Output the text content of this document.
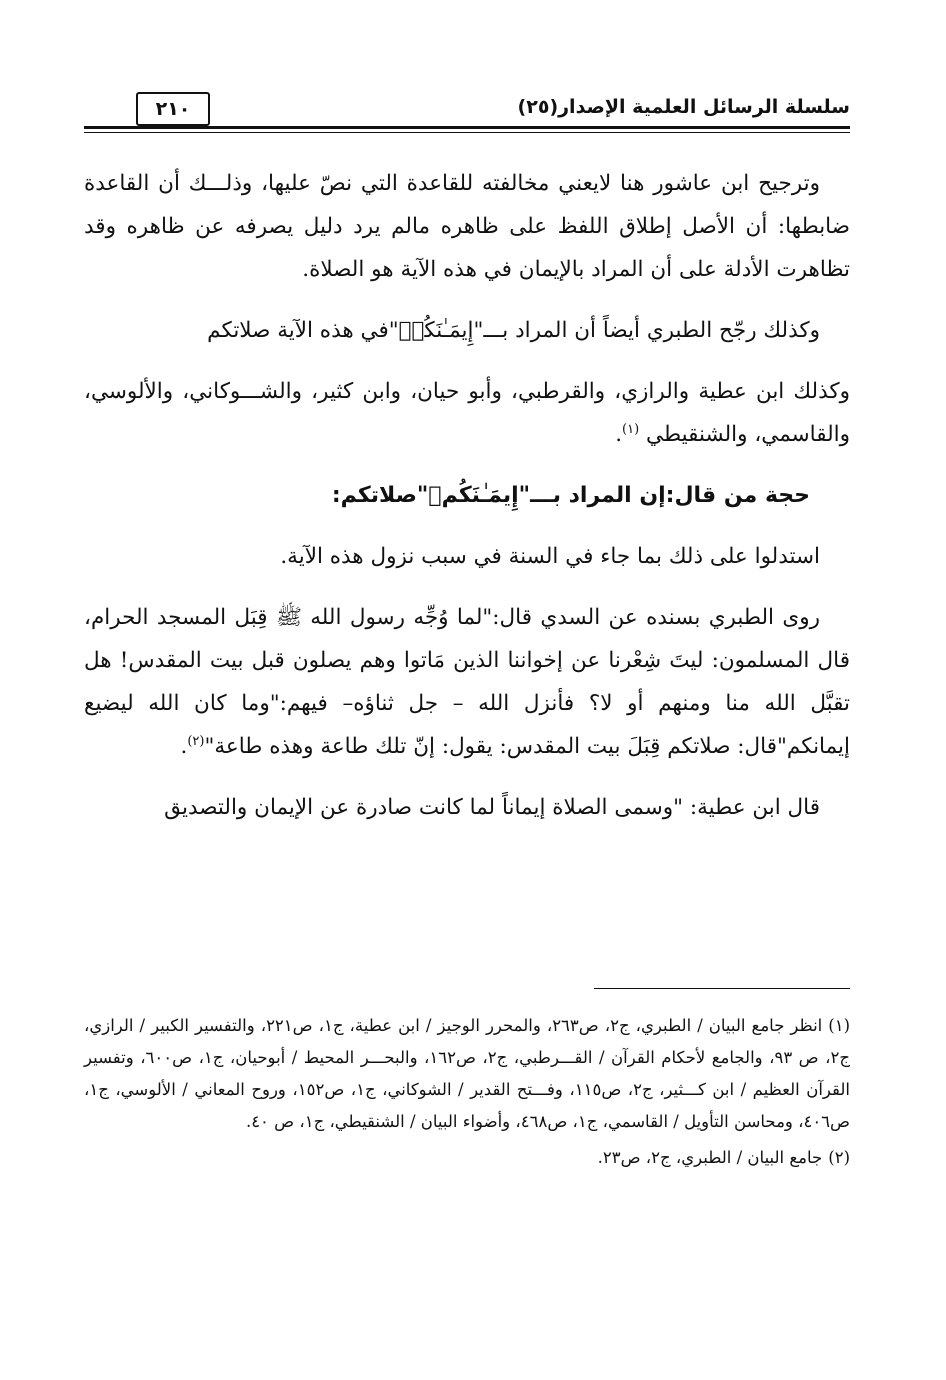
سلسلة الرسائل العلمية الإصدار(٢٥)
٢١٠

وترجيح ابن عاشور هنا لايعني مخالفته للقاعدة التي نصّ عليها، وذلـــك أن القاعدة ضابطها: أن الأصل إطلاق اللفظ على ظاهره مالم يرد دليل يصرفه عن ظاهره وقد تظاهرت الأدلة على أن المراد بالإيمان في هذه الآية هو الصلاة.

وكذلك رجّح الطبري أيضاً أن المراد بـــ"إِيمَـٰنَكُمۡ"في هذه الآية صلاتكم

وكذلك ابن عطية والرازي، والقرطبي، وأبو حيان، وابن كثير، والشـــوكاني، والألوسي، والقاسمي، والشنقيطي $^{(١)}$.

حجة من قال:إن المراد بـــ"إِيمَـٰنَكُمۡ"صلاتكم:

استدلوا على ذلك بما جاء في السنة في سبب نزول هذه الآية.

روى الطبري بسنده عن السدي قال:"لما وُجِّه رسول الله ﷺ قِبَل المسجد الحرام، قال المسلمون: ليتَ شِعْرنا عن إخواننا الذين مَاتوا وهم يصلون قبل بيت المقدس! هل تقبَّل الله منا ومنهم أو لا؟ فأنزل الله – جل ثناؤه– فيهم:"وما كان الله ليضيع إيمانكم"قال: صلاتكم قِبَلَ بيت المقدس: يقول: إنّ تلك طاعة وهذه طاعة"$^{(٢)}$.

قال ابن عطية: "وسمى الصلاة إيماناً لما كانت صادرة عن الإيمان والتصديق

(١)انظر جامع البيان / الطبري، ج٢، ص٢٦٣، والمحرر الوجيز / ابن عطية، ج١، ص٢٢١، والتفسير الكبير / الرازي، ج٢، ص ٩٣، والجامع لأحكام القرآن / القـــرطبي، ج٢، ص١٦٢، والبحـــر المحيط / أبوحيان، ج١، ص٦٠٠، وتفسير القرآن العظيم / ابن كـــثير، ج٢، ص١١٥، وفـــتح القدير / الشوكاني، ج١، ص١٥٢، وروح المعاني / الألوسي، ج١، ص٤٠٦، ومحاسن التأويل / القاسمي، ج١، ص٤٦٨، وأضواء البيان / الشنقيطي، ج١، ص ٤٠.

(٢)جامع البيان / الطبري، ج٢، ص٢٣.
